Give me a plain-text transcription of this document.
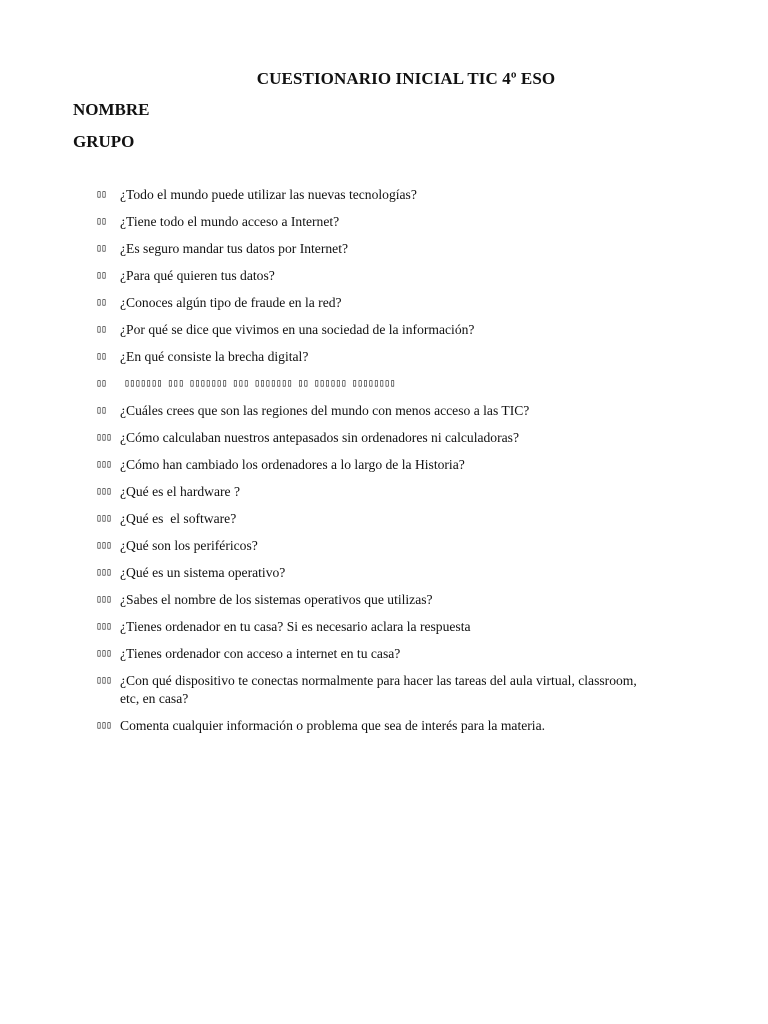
CUESTIONARIO INICIAL TIC 4º ESO
NOMBRE
GRUPO
▯▯ ¿Todo el mundo puede utilizar las nuevas tecnologías?
▯▯ ¿Tiene todo el mundo acceso a Internet?
▯▯ ¿Es seguro mandar tus datos por Internet?
▯▯ ¿Para qué quieren tus datos?
▯▯ ¿Conoces algún tipo de fraude en la red?
▯▯ ¿Por qué se dice que vivimos en una sociedad de la información?
▯▯ ¿En qué consiste la brecha digital?
▯▯ ▯▯▯▯▯▯▯ ▯▯▯ ▯▯▯▯▯▯▯ ▯▯▯ ▯▯▯▯▯▯▯ ▯▯ ▯▯▯▯▯▯ ▯▯▯▯▯▯▯▯
▯▯ ¿Cuáles crees que son las regiones del mundo con menos acceso a las TIC?
▯▯▯ ¿Cómo calculaban nuestros antepasados sin ordenadores ni calculadoras?
▯▯▯ ¿Cómo han cambiado los ordenadores a lo largo de la Historia?
▯▯▯ ¿Qué es el hardware ?
▯▯▯ ¿Qué es  el software?
▯▯▯ ¿Qué son los periféricos?
▯▯▯ ¿Qué es un sistema operativo?
▯▯▯ ¿Sabes el nombre de los sistemas operativos que utilizas?
▯▯▯ ¿Tienes ordenador en tu casa? Si es necesario aclara la respuesta
▯▯▯ ¿Tienes ordenador con acceso a internet en tu casa?
▯▯▯ ¿Con qué dispositivo te conectas normalmente para hacer las tareas del aula virtual, classroom, etc, en casa?
▯▯▯ Comenta cualquier información o problema que sea de interés para la materia.
